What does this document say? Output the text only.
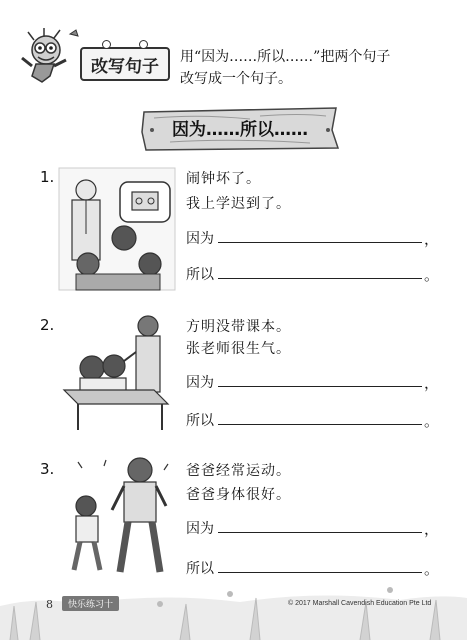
改写句子 用“因为……所以……”把两个句子
改写成一个句子。
因为……所以……
1.	闹钟坏了。
我上学迟到了。
因为	，
所以	。
2.	方明没带课本。
张老师很生气。
因为	，
所以	。
3.	爸爸经常运动。
爸爸身体很好。
因为	，
所以	。
8	快乐练习十	© 2017 Marshall Cavendish Education Pte Ltd
